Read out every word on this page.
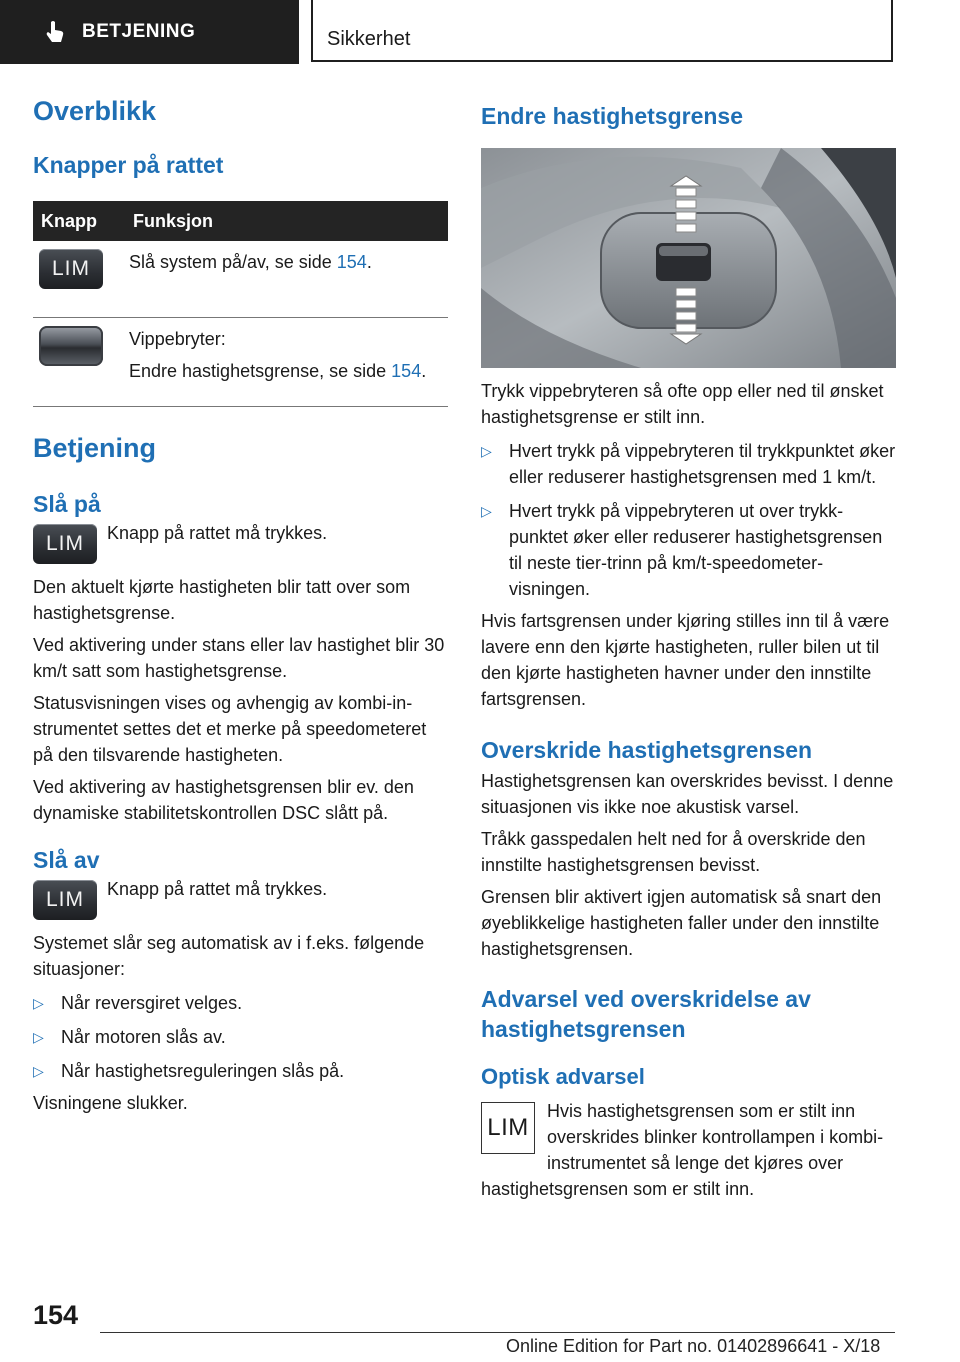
BETJENING	Sikkerhet
Overblikk
Knapper på rattet
Knapp	Funksjon

LIM	Slå system på/av, se side 154.

	Vippebryter:
Endre hastighetsgrense, se side 154.
Betjening
Slå på
LIM	Knapp på rattet må trykkes.

Den aktuelt kjørte hastigheten blir tatt over som hastighetsgrense.

Ved aktivering under stans eller lav hastighet blir 30 km/t satt som hastighetsgrense.

Statusvisningen vises og avhengig av kombi-instrumentet settes det et merke på speedometeret på den tilsvarende hastigheten.

Ved aktivering av hastighetsgrensen blir ev. den dynamiske stabilitetskontrollen DSC slått på.

Slå av
LIM	Knapp på rattet må trykkes.

Systemet slår seg automatisk av i f.eks. følgende situasjoner:

▷ Når reversgiret velges.
▷ Når motoren slås av.
▷ Når hastighetsreguleringen slås på.

Visningene slukker.

Endre hastighetsgrense

Trykk vippebryteren så ofte opp eller ned til ønsket hastighetsgrense er stilt inn.

▷ Hvert trykk på vippebryteren til trykkpunktet øker eller reduserer hastighetsgrensen med 1 km/t.
▷ Hvert trykk på vippebryteren ut over trykkpunktet øker eller reduserer hastighetsgrensen til neste tier-trinn på km/t-speedometervisningen.

Hvis fartsgrensen under kjøring stilles inn til å være lavere enn den kjørte hastigheten, ruller bilen ut til den kjørte hastigheten havner under den innstilte fartsgrensen.

Overskride hastighetsgrensen

Hastighetsgrensen kan overskrides bevisst. I denne situasjonen vis ikke noe akustisk varsel.

Tråkk gasspedalen helt ned for å overskride den innstilte hastighetsgrensen bevisst.

Grensen blir aktivert igjen automatisk så snart den øyeblikkelige hastigheten faller under den innstilte hastighetsgrensen.

Advarsel ved overskridelse av hastighetsgrensen
Optisk advarsel
LIM

Hvis hastighetsgrensen som er stilt inn overskrides blinker kontrollampen i kombi-instrumentet så lenge det kjøres over hastighetsgrensen som er stilt inn.

154
Online Edition for Part no. 01402896641 - X/18
